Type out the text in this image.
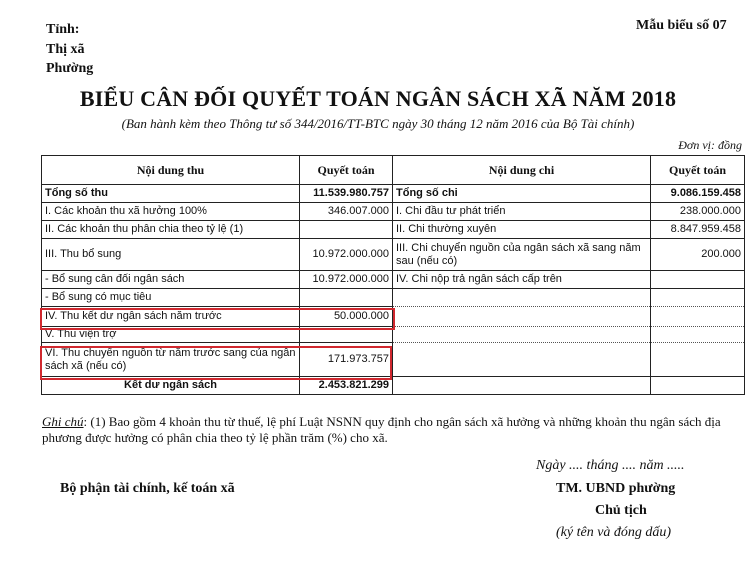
Tỉnh:
Thị xã
Phường
Mẫu biểu số 07
BIỂU CÂN ĐỐI QUYẾT TOÁN NGÂN SÁCH XÃ NĂM 2018
(Ban hành kèm theo Thông tư số 344/2016/TT-BTC ngày 30 tháng 12 năm 2016 của Bộ Tài chính)
Đơn vị: đồng
Nội dung thu	Quyết toán	Nội dung chi	Quyết toán
Tổng số thu	11.539.980.757	Tổng số chi	9.086.159.458
I. Các khoản thu xã hưởng 100%	346.007.000	I. Chi đầu tư phát triển	238.000.000
II. Các khoản thu phân chia theo tỷ lệ (1)		II. Chi thường xuyên	8.847.959.458
III. Thu bổ sung	10.972.000.000	III. Chi chuyển nguồn của ngân sách xã sang năm sau (nếu có)	200.000
- Bổ sung cân đối ngân sách	10.972.000.000	IV. Chi nộp trả ngân sách cấp trên	
- Bổ sung có mục tiêu			
IV. Thu kết dư ngân sách năm trước	50.000.000		
V. Thu viện trợ			
VI. Thu chuyển nguồn từ năm trước sang của ngân sách xã (nếu có)	171.973.757		
Kết dư ngân sách	2.453.821.299		
Ghi chú: (1) Bao gồm 4 khoản thu từ thuế, lệ phí Luật NSNN quy định cho ngân sách xã hưởng và những khoản thu ngân sách địa phương được hưởng có phân chia theo tỷ lệ phần trăm (%) cho xã.
Ngày .... tháng .... năm .....
Bộ phận tài chính, kế toán xã	TM. UBND phường
Chủ tịch
(ký tên và đóng dấu)
